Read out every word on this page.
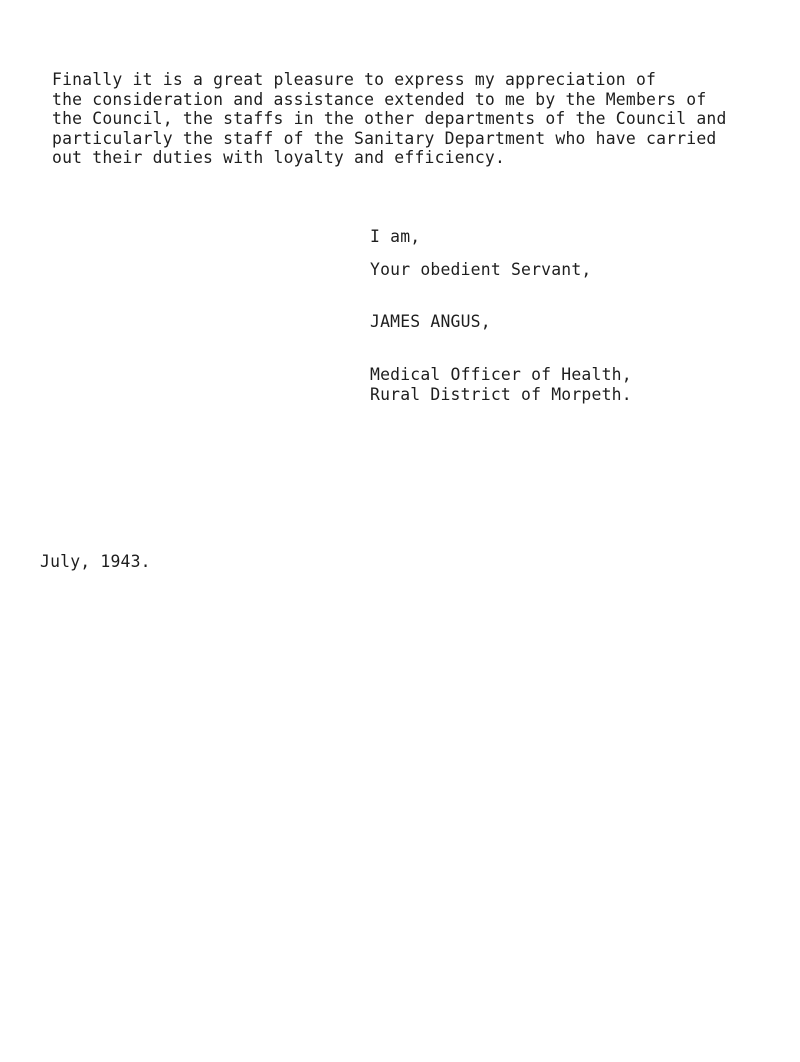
Finally it is a great pleasure to express my appreciation of
the consideration and assistance extended to me by the Members of
the Council, the staffs in the other departments of the Council and
particularly the staff of the Sanitary Department who have carried
out their duties with loyalty and efficiency.
I am,
Your obedient Servant,
JAMES ANGUS,
Medical Officer of Health,
Rural District of Morpeth.
July, 1943.
